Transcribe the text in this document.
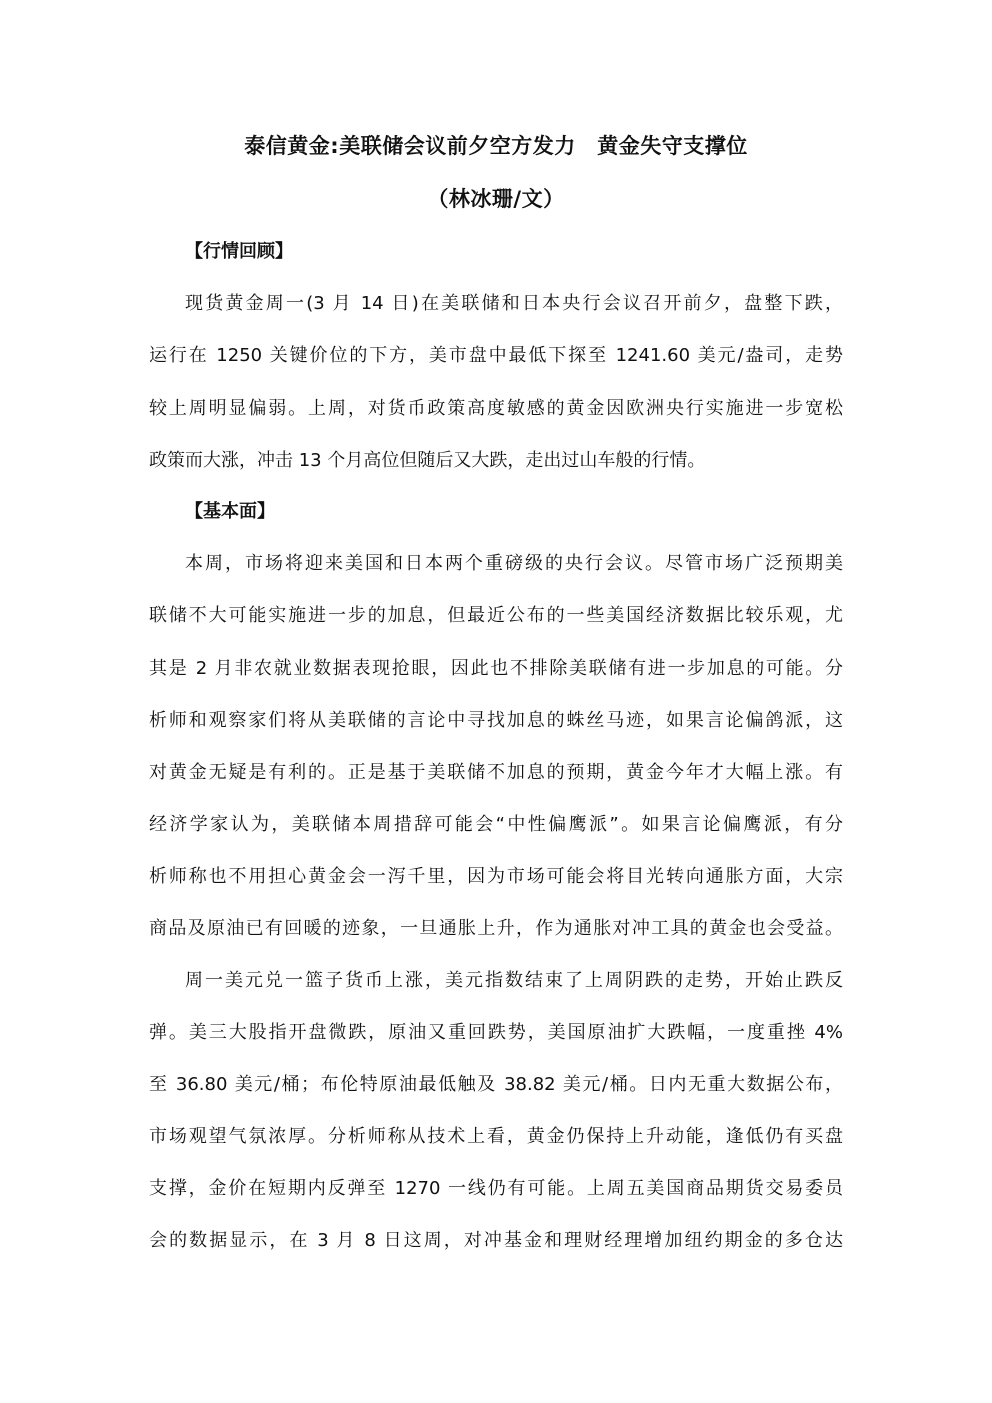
泰信黄金:美联储会议前夕空方发力　黄金失守支撑位
（林冰珊/文）
【行情回顾】
现货黄金周一(3 月 14 日)在美联储和日本央行会议召开前夕，盘整下跌，
运行在 1250 关键价位的下方，美市盘中最低下探至 1241.60 美元/盎司，走势
较上周明显偏弱。上周，对货币政策高度敏感的黄金因欧洲央行实施进一步宽松
政策而大涨，冲击 13 个月高位但随后又大跌，走出过山车般的行情。
【基本面】
本周，市场将迎来美国和日本两个重磅级的央行会议。尽管市场广泛预期美
联储不大可能实施进一步的加息，但最近公布的一些美国经济数据比较乐观，尤
其是 2 月非农就业数据表现抢眼，因此也不排除美联储有进一步加息的可能。分
析师和观察家们将从美联储的言论中寻找加息的蛛丝马迹，如果言论偏鸽派，这
对黄金无疑是有利的。正是基于美联储不加息的预期，黄金今年才大幅上涨。有
经济学家认为，美联储本周措辞可能会“中性偏鹰派”。如果言论偏鹰派，有分
析师称也不用担心黄金会一泻千里，因为市场可能会将目光转向通胀方面，大宗
商品及原油已有回暖的迹象，一旦通胀上升，作为通胀对冲工具的黄金也会受益。
周一美元兑一篮子货币上涨，美元指数结束了上周阴跌的走势，开始止跌反
弹。美三大股指开盘微跌，原油又重回跌势，美国原油扩大跌幅，一度重挫 4%
至 36.80 美元/桶；布伦特原油最低触及 38.82 美元/桶。日内无重大数据公布，
市场观望气氛浓厚。分析师称从技术上看，黄金仍保持上升动能，逢低仍有买盘
支撑，金价在短期内反弹至 1270 一线仍有可能。上周五美国商品期货交易委员
会的数据显示，在 3 月 8 日这周，对冲基金和理财经理增加纽约期金的多仓达
